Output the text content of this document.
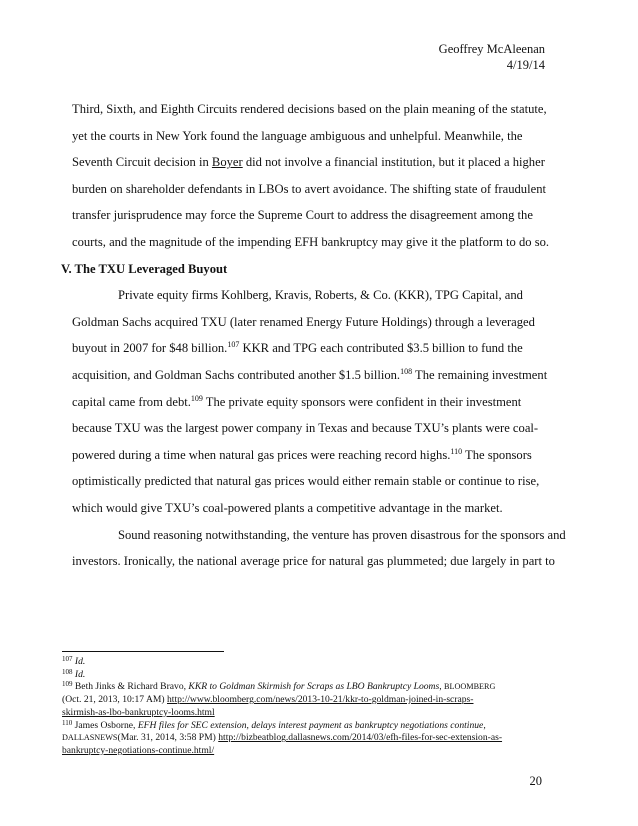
Geoffrey McAleenan
4/19/14
Third, Sixth, and Eighth Circuits rendered decisions based on the plain meaning of the statute,
yet the courts in New York found the language ambiguous and unhelpful. Meanwhile, the
Seventh Circuit decision in Boyer did not involve a financial institution, but it placed a higher
burden on shareholder defendants in LBOs to avert avoidance. The shifting state of fraudulent
transfer jurisprudence may force the Supreme Court to address the disagreement among the
courts, and the magnitude of the impending EFH bankruptcy may give it the platform to do so.
V. The TXU Leveraged Buyout
Private equity firms Kohlberg, Kravis, Roberts, & Co. (KKR), TPG Capital, and
Goldman Sachs acquired TXU (later renamed Energy Future Holdings) through a leveraged
buyout in 2007 for $48 billion.$^{107}$ KKR and TPG each contributed $3.5 billion to fund the
acquisition, and Goldman Sachs contributed another $1.5 billion.$^{108}$ The remaining investment
capital came from debt.$^{109}$ The private equity sponsors were confident in their investment
because TXU was the largest power company in Texas and because TXU’s plants were coal-
powered during a time when natural gas prices were reaching record highs.$^{110}$ The sponsors
optimistically predicted that natural gas prices would either remain stable or continue to rise,
which would give TXU’s coal-powered plants a competitive advantage in the market.
Sound reasoning notwithstanding, the venture has proven disastrous for the sponsors and
investors. Ironically, the national average price for natural gas plummeted; due largely in part to
$^{107}$ Id.
$^{108}$ Id.
$^{109}$ Beth Jinks & Richard Bravo, KKR to Goldman Skirmish for Scraps as LBO Bankruptcy Looms, BLOOMBERG
(Oct. 21, 2013, 10:17 AM) http://www.bloomberg.com/news/2013-10-21/kkr-to-goldman-joined-in-scraps-
skirmish-as-lbo-bankruptcy-looms.html
$^{110}$ James Osborne, EFH files for SEC extension, delays interest payment as bankruptcy negotiations continue,
DALLASNEWS(Mar. 31, 2014, 3:58 PM) http://bizbeatblog.dallasnews.com/2014/03/efh-files-for-sec-extension-as-
bankruptcy-negotiations-continue.html/
20
